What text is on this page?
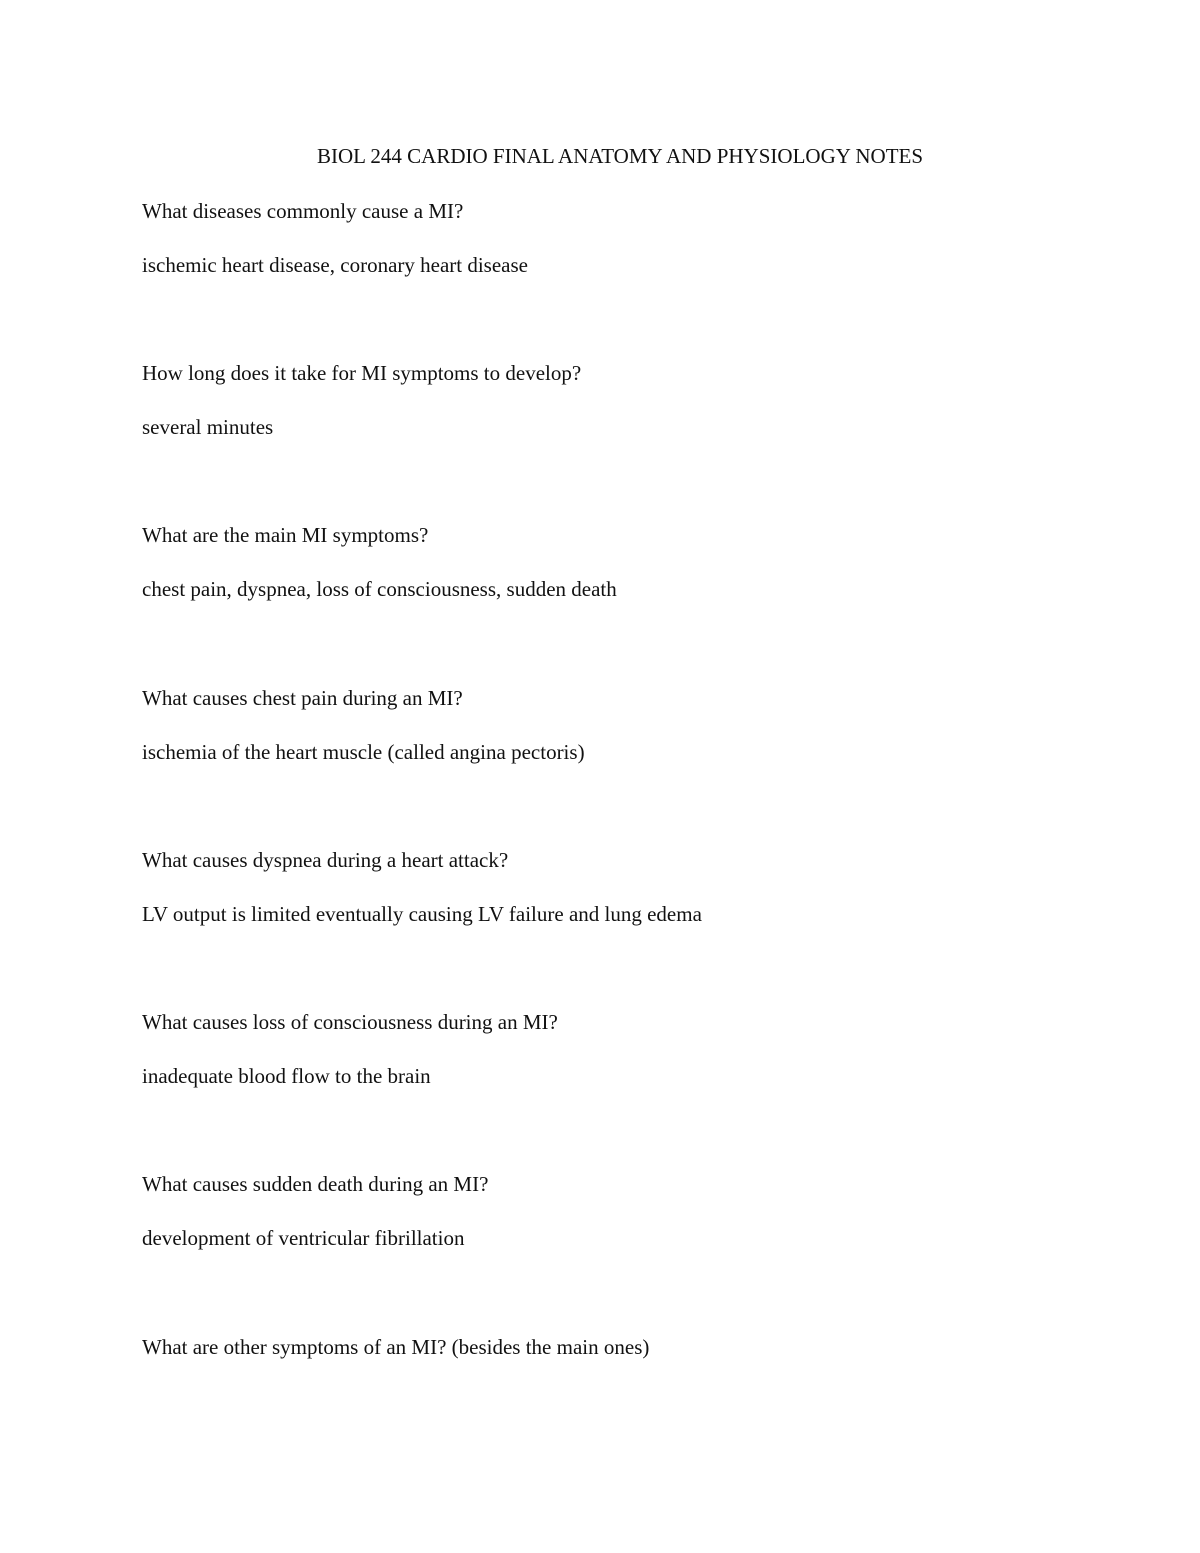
BIOL 244 CARDIO FINAL ANATOMY AND PHYSIOLOGY NOTES
What diseases commonly cause a MI?
ischemic heart disease, coronary heart disease
How long does it take for MI symptoms to develop?
several minutes
What are the main MI symptoms?
chest pain, dyspnea, loss of consciousness, sudden death
What causes chest pain during an MI?
ischemia of the heart muscle (called angina pectoris)
What causes dyspnea during a heart attack?
LV output is limited eventually causing LV failure and lung edema
What causes loss of consciousness during an MI?
inadequate blood flow to the brain
What causes sudden death during an MI?
development of ventricular fibrillation
What are other symptoms of an MI? (besides the main ones)
